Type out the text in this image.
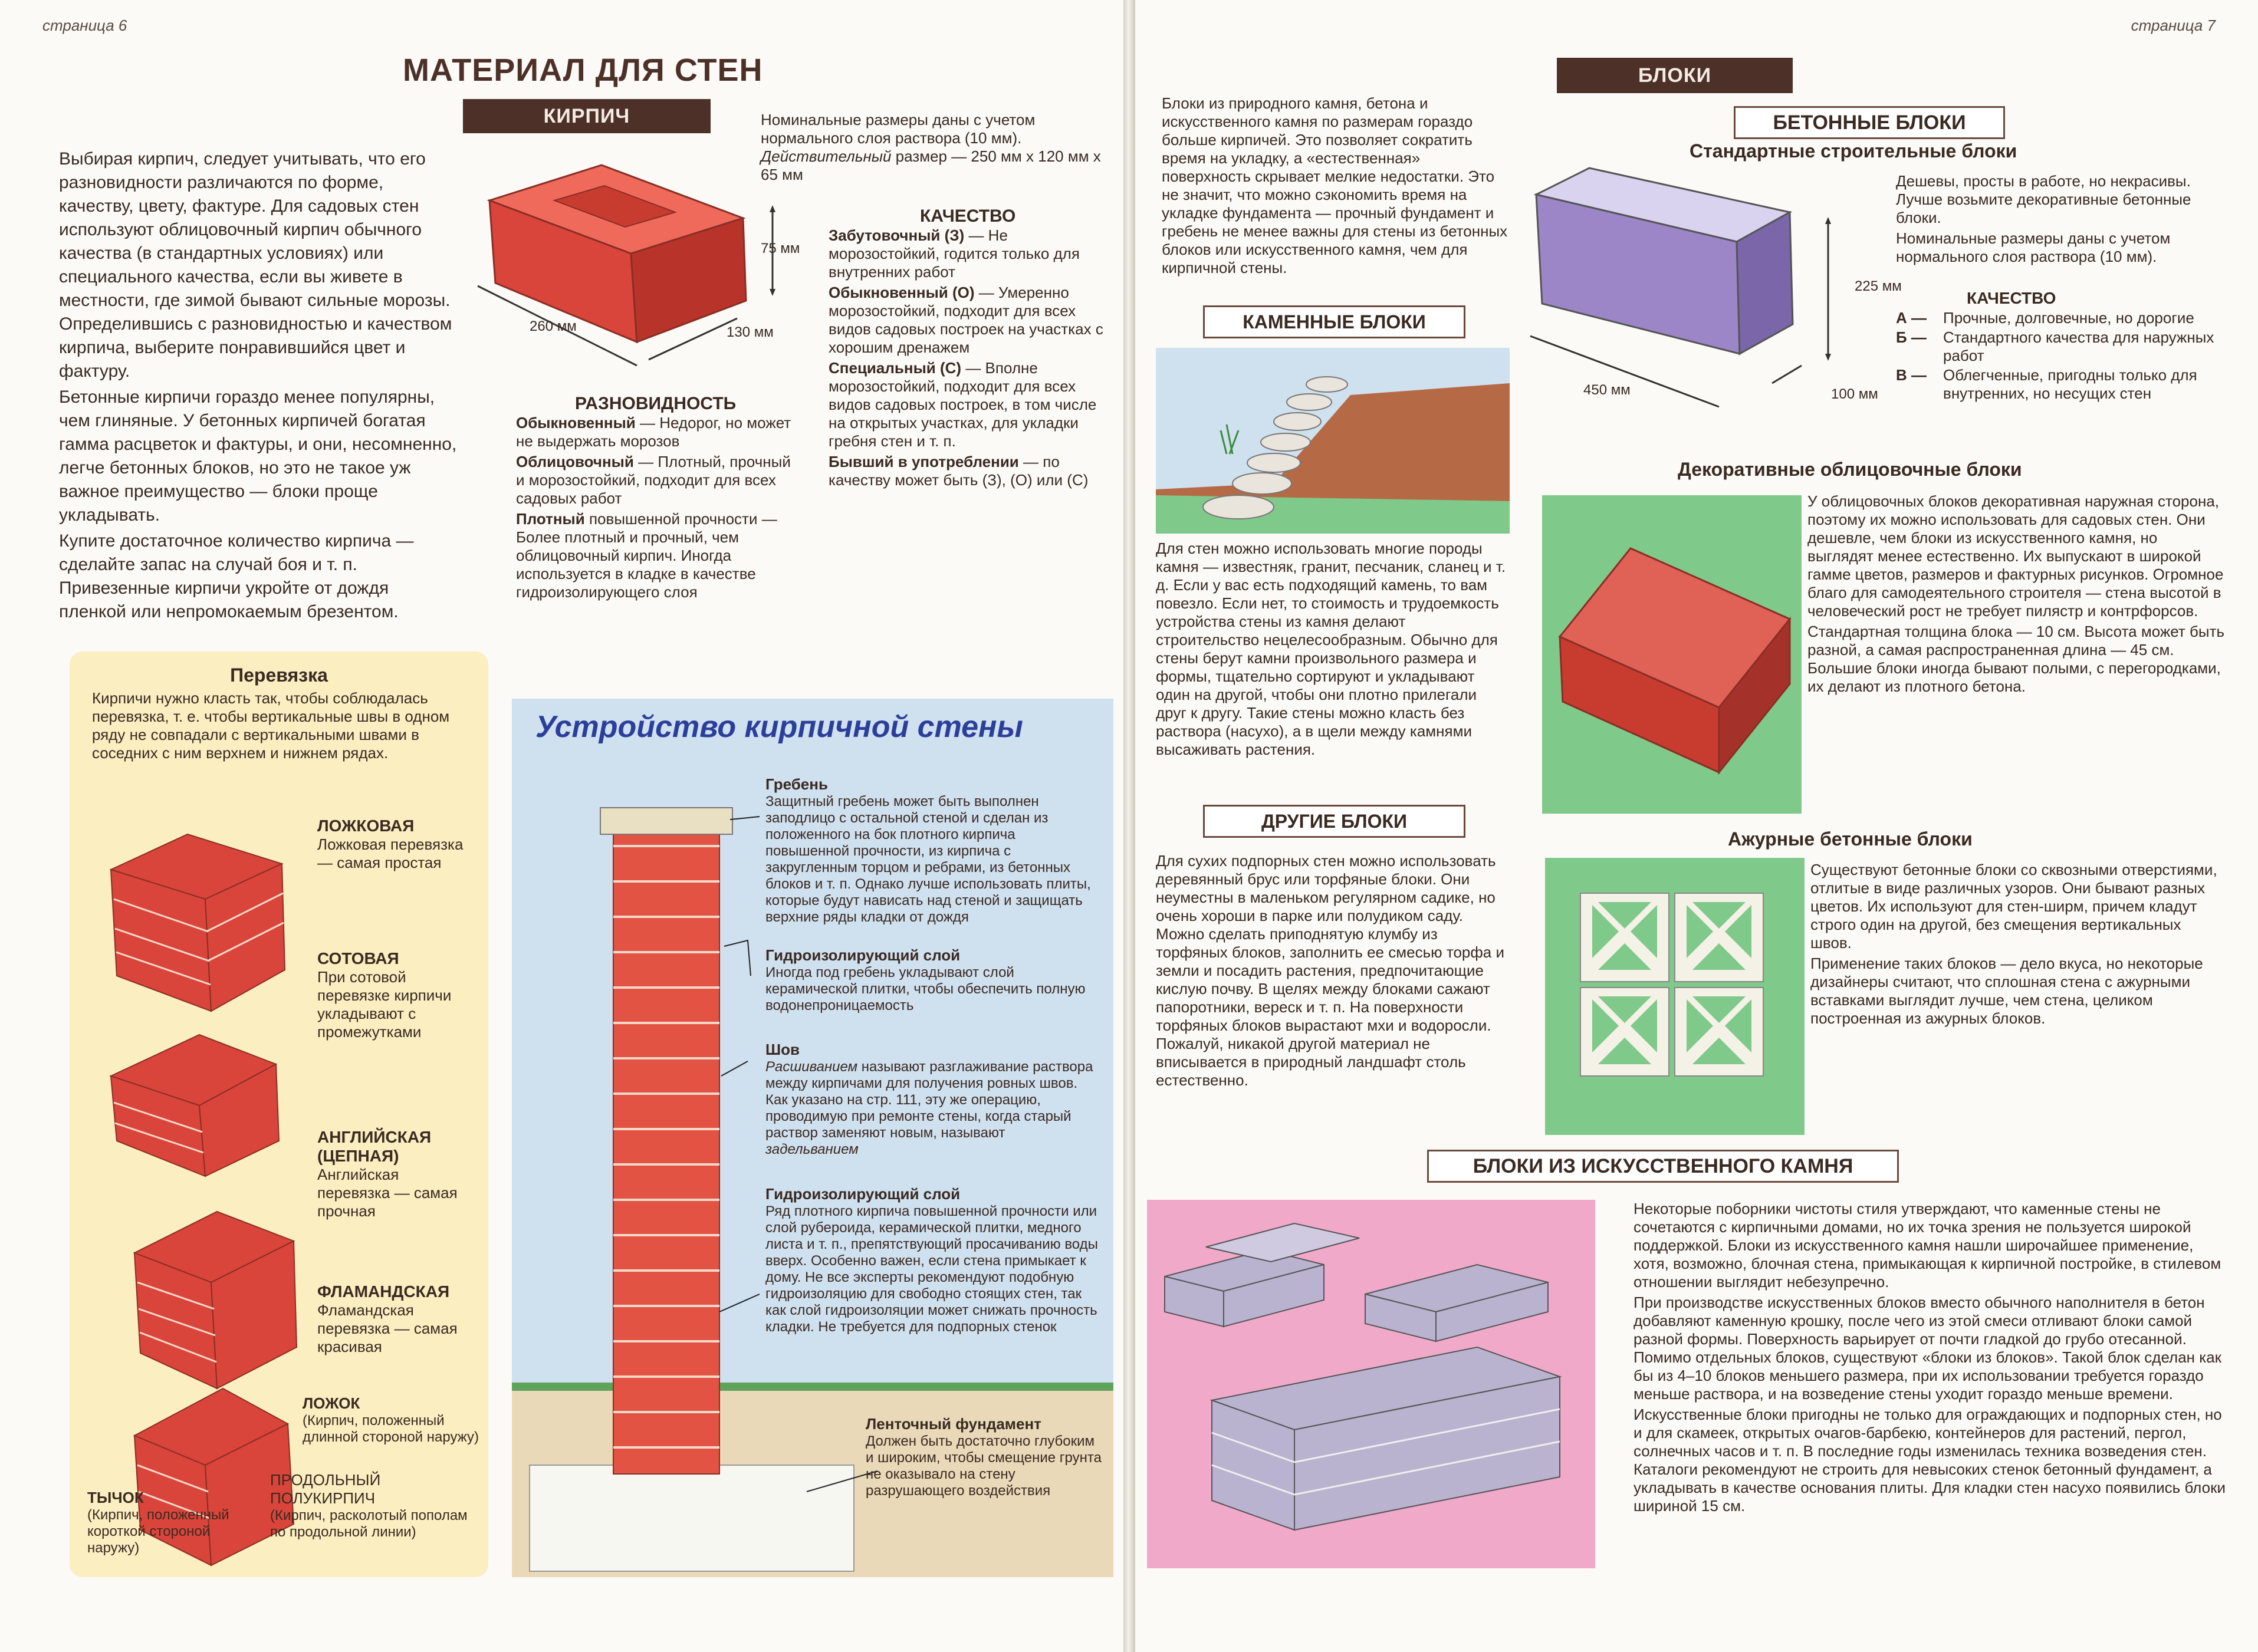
страница 6
МАТЕРИАЛ ДЛЯ СТЕН
КИРПИЧ

Выбирая кирпич, следует учитывать, что его разновидности различаются по форме, качеству, цвету, фактуре. Для садовых стен используют облицовочный кирпич обычного качества (в стандартных условиях) или специального качества, если вы живете в местности, где зимой бывают сильные морозы. Определившись с разновидностью и качеством кирпича, выберите понравившийся цвет и фактуру.

Бетонные кирпичи гораздо менее популярны, чем глиняные. У бетонных кирпичей богатая гамма расцветок и фактуры, и они, несомненно, легче бетонных блоков, но это не такое уж важное преимущество — блоки проще укладывать.

Купите достаточное количество кирпича — сделайте запас на случай боя и т. п. Привезенные кирпичи укройте от дождя пленкой или непромокаемым брезентом.

Номинальные размеры даны с учетом нормального слоя раствора (10 мм). Действительный размер — 250 мм х 120 мм х 65 мм
260 мм	130 мм
75 мм
РАЗНОВИДНОСТЬ

Обыкновенный — Недорог, но может не выдержать морозов

Облицовочный — Плотный, прочный и морозостойкий, подходит для всех садовых работ

Плотный повышенной прочности — Более плотный и прочный, чем облицовочный кирпич. Иногда используется в кладке в качестве гидроизолирующего слоя

КАЧЕСТВО

Забутовочный (З) — Не морозостойкий, годится только для внутренних работ

Обыкновенный (О) — Умеренно морозостойкий, подходит для всех видов садовых построек на участках с хорошим дренажем

Специальный (С) — Вполне морозостойкий, подходит для всех видов садовых построек, в том числе на открытых участках, для укладки гребня стен и т. п.

Бывший в употреблении — по качеству может быть (З), (О) или (С)

Перевязка
Кирпичи нужно класть так, чтобы соблюдалась перевязка, т. е. чтобы вертикальные швы в одном ряду не совпадали с вертикальными швами в соседних с ним верхнем и нижнем рядах.
ЛОЖКОВАЯ
Ложковая перевязка — самая простая
СОТОВАЯ
При сотовой перевязке кирпичи укладывают с промежутками
АНГЛИЙСКАЯ (ЦЕПНАЯ)
Английская перевязка — самая прочная
ФЛАМАНДСКАЯ
Фламандская перевязка — самая красивая
ЛОЖОК
(Кирпич, положенный длинной стороной наружу)
ТЫЧОК
(Кирпич, положенный короткой стороной наружу)
ПРОДОЛЬНЫЙ ПОЛУКИРПИЧ
(Кирпич, расколотый пополам по продольной линии)
Устройство кирпичной стены
Гребень
Защитный гребень может быть выполнен заподлицо с остальной стеной и сделан из положенного на бок плотного кирпича повышенной прочности, из кирпича с закругленным торцом и ребрами, из бетонных блоков и т. п. Однако лучше использовать плиты, которые будут нависать над стеной и защищать верхние ряды кладки от дождя
Гидроизолирующий слой
Иногда под гребень укладывают слой керамической плитки, чтобы обеспечить полную водонепроницаемость
Шов
Расшиванием называют разглаживание раствора между кирпичами для получения ровных швов. Как указано на стр. 111, эту же операцию, проводимую при ремонте стены, когда старый раствор заменяют новым, называют задельванием
Гидроизолирующий слой
Ряд плотного кирпича повышенной прочности или слой рубероида, керамической плитки, медного листа и т. п., препятствующий просачиванию воды вверх. Особенно важен, если стена примыкает к дому. Не все эксперты рекомендуют подобную гидроизоляцию для свободно стоящих стен, так как слой гидроизоляции может снижать прочность кладки. Не требуется для подпорных стенок
Ленточный фундамент
Должен быть достаточно глубоким и широким, чтобы смещение грунта не оказывало на стену разрушающего воздействия
страница 7
БЛОКИ
Блоки из природного камня, бетона и искусственного камня по размерам гораздо больше кирпичей. Это позволяет сократить время на укладку, а «естественная» поверхность скрывает мелкие недостатки. Это не значит, что можно сэкономить время на укладке фундамента — прочный фундамент и гребень не менее важны для стены из бетонных блоков или искусственного камня, чем для кирпичной стены.
КАМЕННЫЕ БЛОКИ
Для стен можно использовать многие породы камня — известняк, гранит, песчаник, сланец и т. д. Если у вас есть подходящий камень, то вам повезло. Если нет, то стоимость и трудоемкость устройства стены из камня делают строительство нецелесообразным. Обычно для стены берут камни произвольного размера и формы, тщательно сортируют и укладывают один на другой, чтобы они плотно прилегали друг к другу. Такие стены можно класть без раствора (насухо), а в щели между камнями высаживать растения.
ДРУГИЕ БЛОКИ
Для сухих подпорных стен можно использовать деревянный брус или торфяные блоки. Они неуместны в маленьком регулярном садике, но очень хороши в парке или полудиком саду. Можно сделать приподнятую клумбу из торфяных блоков, заполнить ее смесью торфа и земли и посадить растения, предпочитающие кислую почву. В щелях между блоками сажают папоротники, вереск и т. п. На поверхности торфяных блоков вырастают мхи и водоросли. Пожалуй, никакой другой материал не вписывается в природный ландшафт столь естественно.
БЕТОННЫЕ БЛОКИ
Стандартные строительные блоки
450 мм	100 мм
225 мм

Дешевы, просты в работе, но некрасивы. Лучше возьмите декоративные бетонные блоки.

Номинальные размеры даны с учетом нормального слоя раствора (10 мм).

КАЧЕСТВО
А —	Прочные, долговечные, но дорогие
Б —	Стандартного качества для наружных работ
В —	Облегченные, пригодны только для внутренних, но несущих стен
Декоративные облицовочные блоки

У облицовочных блоков декоративная наружная сторона, поэтому их можно использовать для садовых стен. Они дешевле, чем блоки из искусственного камня, но выглядят менее естественно. Их выпускают в широкой гамме цветов, размеров и фактурных рисунков. Огромное благо для самодеятельного строителя — стена высотой в человеческий рост не требует пилястр и контрфорсов.

Стандартная толщина блока — 10 см. Высота может быть разной, а самая распространенная длина — 45 см. Большие блоки иногда бывают полыми, с перегородками, их делают из плотного бетона.

Ажурные бетонные блоки

Существуют бетонные блоки со сквозными отверстиями, отлитые в виде различных узоров. Они бывают разных цветов. Их используют для стен-ширм, причем кладут строго один на другой, без смещения вертикальных швов.

Применение таких блоков — дело вкуса, но некоторые дизайнеры считают, что сплошная стена с ажурными вставками выглядит лучше, чем стена, целиком построенная из ажурных блоков.

БЛОКИ ИЗ ИСКУССТВЕННОГО КАМНЯ

Некоторые поборники чистоты стиля утверждают, что каменные стены не сочетаются с кирпичными домами, но их точка зрения не пользуется широкой поддержкой. Блоки из искусственного камня нашли широчайшее применение, хотя, возможно, блочная стена, примыкающая к кирпичной постройке, в стилевом отношении выглядит небезупречно.

При производстве искусственных блоков вместо обычного наполнителя в бетон добавляют каменную крошку, после чего из этой смеси отливают блоки самой разной формы. Поверхность варьирует от почти гладкой до грубо отесанной. Помимо отдельных блоков, существуют «блоки из блоков». Такой блок сделан как бы из 4–10 блоков меньшего размера, при их использовании требуется гораздо меньше раствора, и на возведение стены уходит гораздо меньше времени.

Искусственные блоки пригодны не только для ограждающих и подпорных стен, но и для скамеек, открытых очагов-барбекю, контейнеров для растений, пергол, солнечных часов и т. п. В последние годы изменилась техника возведения стен. Каталоги рекомендуют не строить для невысоких стенок бетонный фундамент, а укладывать в качестве основания плиты. Для кладки стен насухо появились блоки шириной 15 см.
